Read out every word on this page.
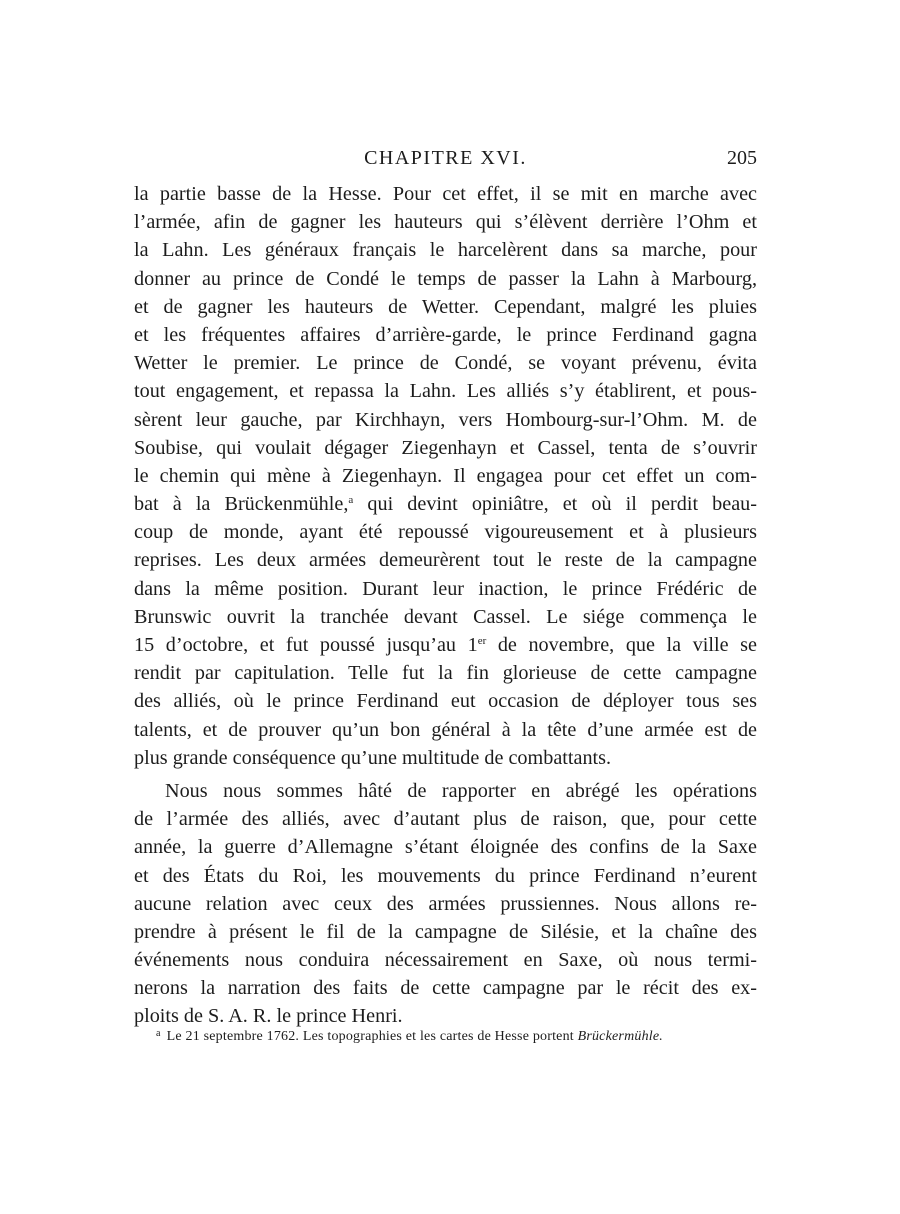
CHAPITRE XVI.	205
la partie basse de la Hesse. Pour cet effet, il se mit en marche avec
l’armée, afin de gagner les hauteurs qui s’élèvent derrière l’Ohm et
la Lahn. Les généraux français le harcelèrent dans sa marche, pour
donner au prince de Condé le temps de passer la Lahn à Marbourg,
et de gagner les hauteurs de Wetter. Cependant, malgré les pluies
et les fréquentes affaires d’arrière-garde, le prince Ferdinand gagna
Wetter le premier. Le prince de Condé, se voyant prévenu, évita
tout engagement, et repassa la Lahn. Les alliés s’y établirent, et pous-
sèrent leur gauche, par Kirchhayn, vers Hombourg-sur-l’Ohm. M. de
Soubise, qui voulait dégager Ziegenhayn et Cassel, tenta de s’ouvrir
le chemin qui mène à Ziegenhayn. Il engagea pour cet effet un com-
bat à la Brückenmühle,$^a$ qui devint opiniâtre, et où il perdit beau-
coup de monde, ayant été repoussé vigoureusement et à plusieurs
reprises. Les deux armées demeurèrent tout le reste de la campagne
dans la même position. Durant leur inaction, le prince Frédéric de
Brunswic ouvrit la tranchée devant Cassel. Le siége commença le
15 d’octobre, et fut poussé jusqu’au 1er de novembre, que la ville se
rendit par capitulation. Telle fut la fin glorieuse de cette campagne
des alliés, où le prince Ferdinand eut occasion de déployer tous ses
talents, et de prouver qu’un bon général à la tête d’une armée est de
plus grande conséquence qu’une multitude de combattants.
Nous nous sommes hâté de rapporter en abrégé les opérations
de l’armée des alliés, avec d’autant plus de raison, que, pour cette
année, la guerre d’Allemagne s’étant éloignée des confins de la Saxe
et des États du Roi, les mouvements du prince Ferdinand n’eurent
aucune relation avec ceux des armées prussiennes. Nous allons re-
prendre à présent le fil de la campagne de Silésie, et la chaîne des
événements nous conduira nécessairement en Saxe, où nous termi-
nerons la narration des faits de cette campagne par le récit des ex-
ploits de S. A. R. le prince Henri.
$^a$ Le 21 septembre 1762. Les topographies et les cartes de Hesse portent Brückermühle.
